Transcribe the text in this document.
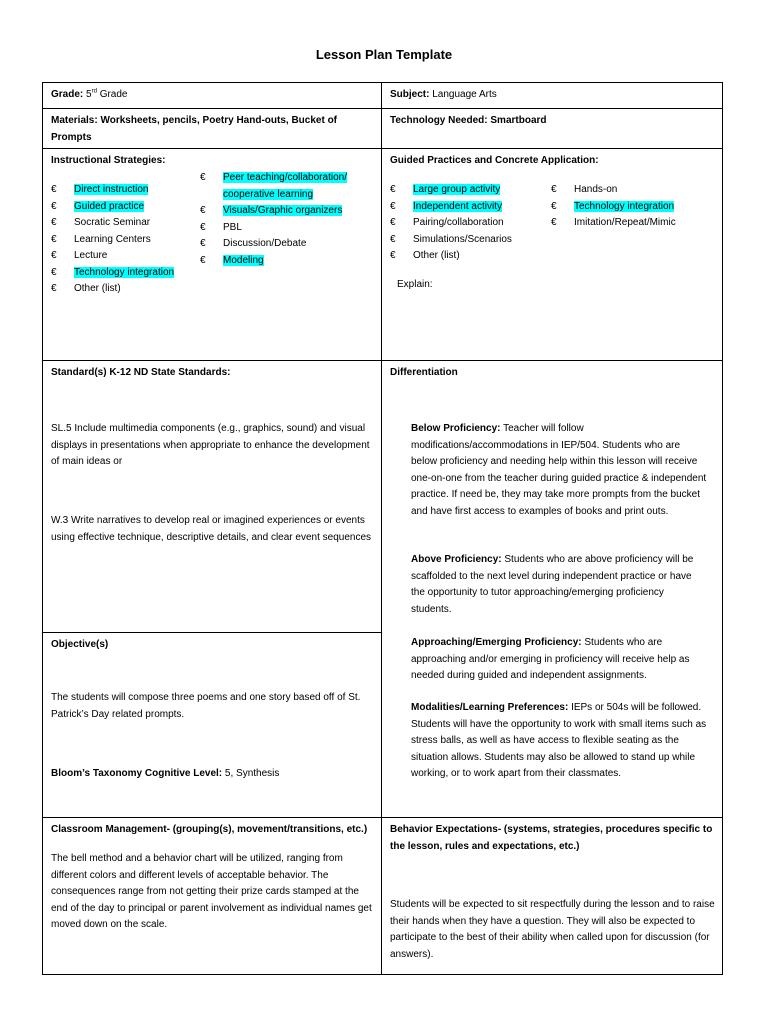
Lesson Plan Template
Grade: 5rd Grade	Subject: Language Arts
Materials: Worksheets, pencils, Poetry Hand-outs, Bucket of Prompts
Technology Needed: Smartboard
Instructional Strategies:
€ Direct instruction
€ Guided practice
€ Socratic Seminar
€ Learning Centers
€ Lecture
€ Technology integration
€ Other (list)
€ Peer teaching/collaboration/
cooperative learning
€ Visuals/Graphic organizers
€ PBL
€ Discussion/Debate
€ Modeling
Guided Practices and Concrete Application:
€ Large group activity
€ Independent activity
€ Pairing/collaboration
€ Simulations/Scenarios
€ Other (list)
€ Hands-on
€ Technology integration
€ Imitation/Repeat/Mimic
Explain:
Standard(s) K-12 ND State Standards:

SL.5 Include multimedia components (e.g., graphics, sound) and visual displays in presentations when appropriate to enhance the development of main ideas or

W.3 Write narratives to develop real or imagined experiences or events using effective technique, descriptive details, and clear event sequences

Objective(s)

The students will compose three poems and one story based off of St. Patrick’s Day related prompts.

Bloom’s Taxonomy Cognitive Level: 5, Synthesis
Differentiation

Below Proficiency: Teacher will follow modifications/accommodations in IEP/504. Students who are below proficiency and needing help within this lesson will receive one-on-one from the teacher during guided practice & independent practice. If need be, they may take more prompts from the bucket and have first access to examples of books and print outs.

Above Proficiency: Students who are above proficiency will be scaffolded to the next level during independent practice or have the opportunity to tutor approaching/emerging proficiency students.

Approaching/Emerging Proficiency: Students who are approaching and/or emerging in proficiency will receive help as needed during guided and independent assignments.

Modalities/Learning Preferences: IEPs or 504s will be followed. Students will have the opportunity to work with small items such as stress balls, as well as have access to flexible seating as the situation allows. Students may also be allowed to stand up while working, or to work apart from their classmates.

Classroom Management- (grouping(s), movement/transitions, etc.)

The bell method and a behavior chart will be utilized, ranging from different colors and different levels of acceptable behavior. The consequences range from not getting their prize cards stamped at the end of the day to principal or parent involvement as individual names get moved down on the scale.

Behavior Expectations- (systems, strategies, procedures specific to the lesson, rules and expectations, etc.)

Students will be expected to sit respectfully during the lesson and to raise their hands when they have a question. They will also be expected to participate to the best of their ability when called upon for discussion (for answers).
